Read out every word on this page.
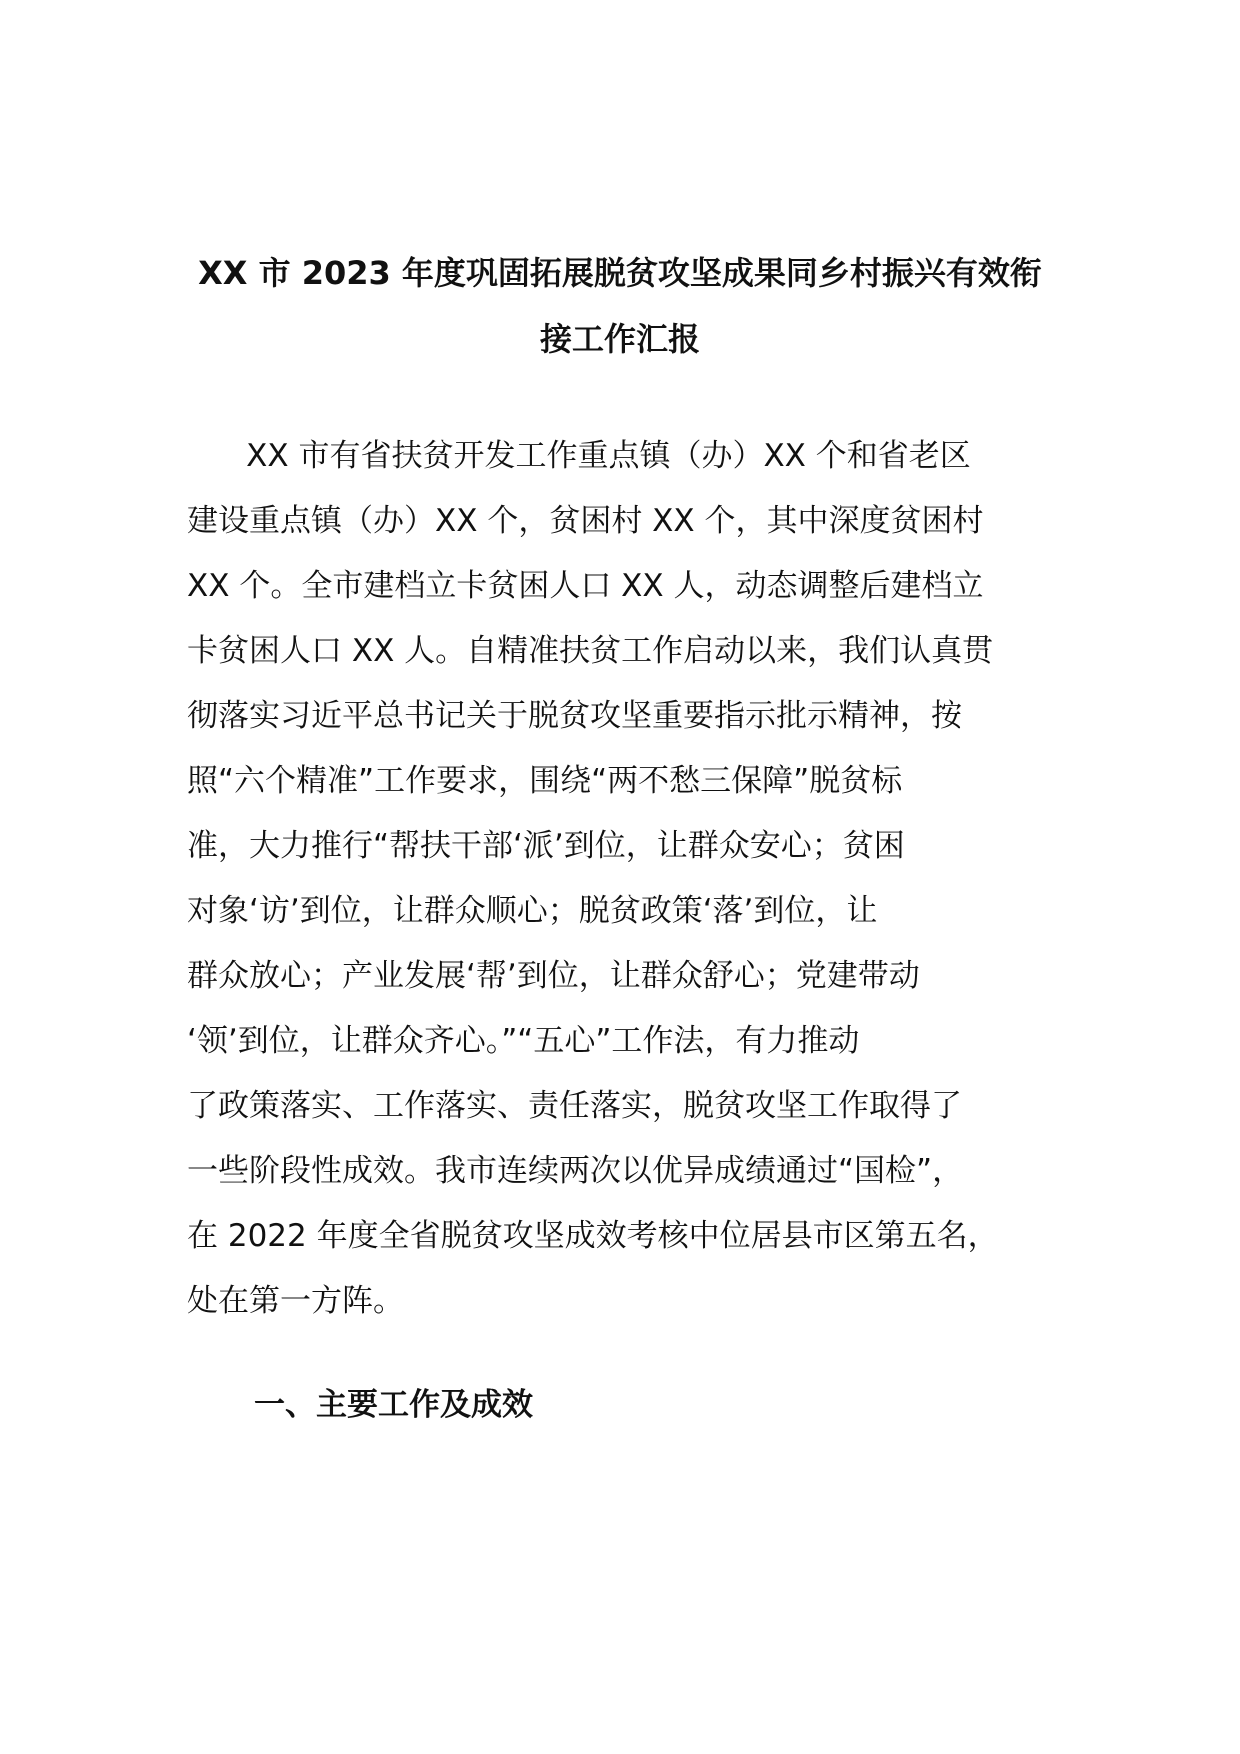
XX 市 2023 年度巩固拓展脱贫攻坚成果同乡村振兴有效衔
接工作汇报
XX 市有省扶贫开发工作重点镇（办）XX 个和省老区
建设重点镇（办）XX 个，贫困村 XX 个，其中深度贫困村
XX 个。全市建档立卡贫困人口 XX 人，动态调整后建档立
卡贫困人口 XX 人。自精准扶贫工作启动以来，我们认真贯
彻落实习近平总书记关于脱贫攻坚重要指示批示精神，按
照“六个精准”工作要求，围绕“两不愁三保障”脱贫标
准，大力推行“帮扶干部‘派’到位，让群众安心；贫困
对象‘访’到位，让群众顺心；脱贫政策‘落’到位，让
群众放心；产业发展‘帮’到位，让群众舒心；党建带动
‘领’到位，让群众齐心。”“五心”工作法，有力推动
了政策落实、工作落实、责任落实，脱贫攻坚工作取得了
一些阶段性成效。我市连续两次以优异成绩通过“国检”，
在 2022 年度全省脱贫攻坚成效考核中位居县市区第五名，
处在第一方阵。
一、主要工作及成效
